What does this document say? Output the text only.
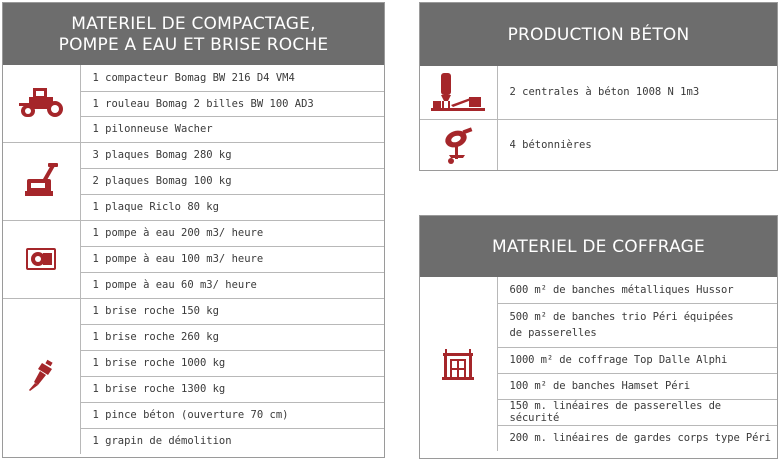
MATERIEL DE COMPACTAGE,
POMPE A EAU ET BRISE ROCHE
	1 compacteur Bomag BW 216 D4 VM4
	1 rouleau Bomag 2 billes BW 100 AD3
	1 pilonneuse Wacher

	3 plaques Bomag 280 kg
	2 plaques Bomag 100 kg
	1 plaque Riclo 80 kg

	1 pompe à eau 200 m3/ heure
	1 pompe à eau 100 m3/ heure
	1 pompe à eau 60 m3/ heure

	1 brise roche 150 kg
	1 brise roche 260 kg
	1 brise roche 1000 kg
	1 brise roche 1300 kg
	1 pince béton (ouverture 70 cm)
	1 grapin de démolition
PRODUCTION BÉTON
	2 centrales à béton 1008 N 1m3

	4 bétonnières
MATERIEL DE COFFRAGE
	600 m² de banches métalliques Hussor
500 m² de banches trio Péri équipées de passerelles
1000 m² de coffrage Top Dalle Alphi
100 m² de banches Hamset Péri
150 m. linéaires de passerelles de sécurité
200 m. linéaires de gardes corps type Péri
